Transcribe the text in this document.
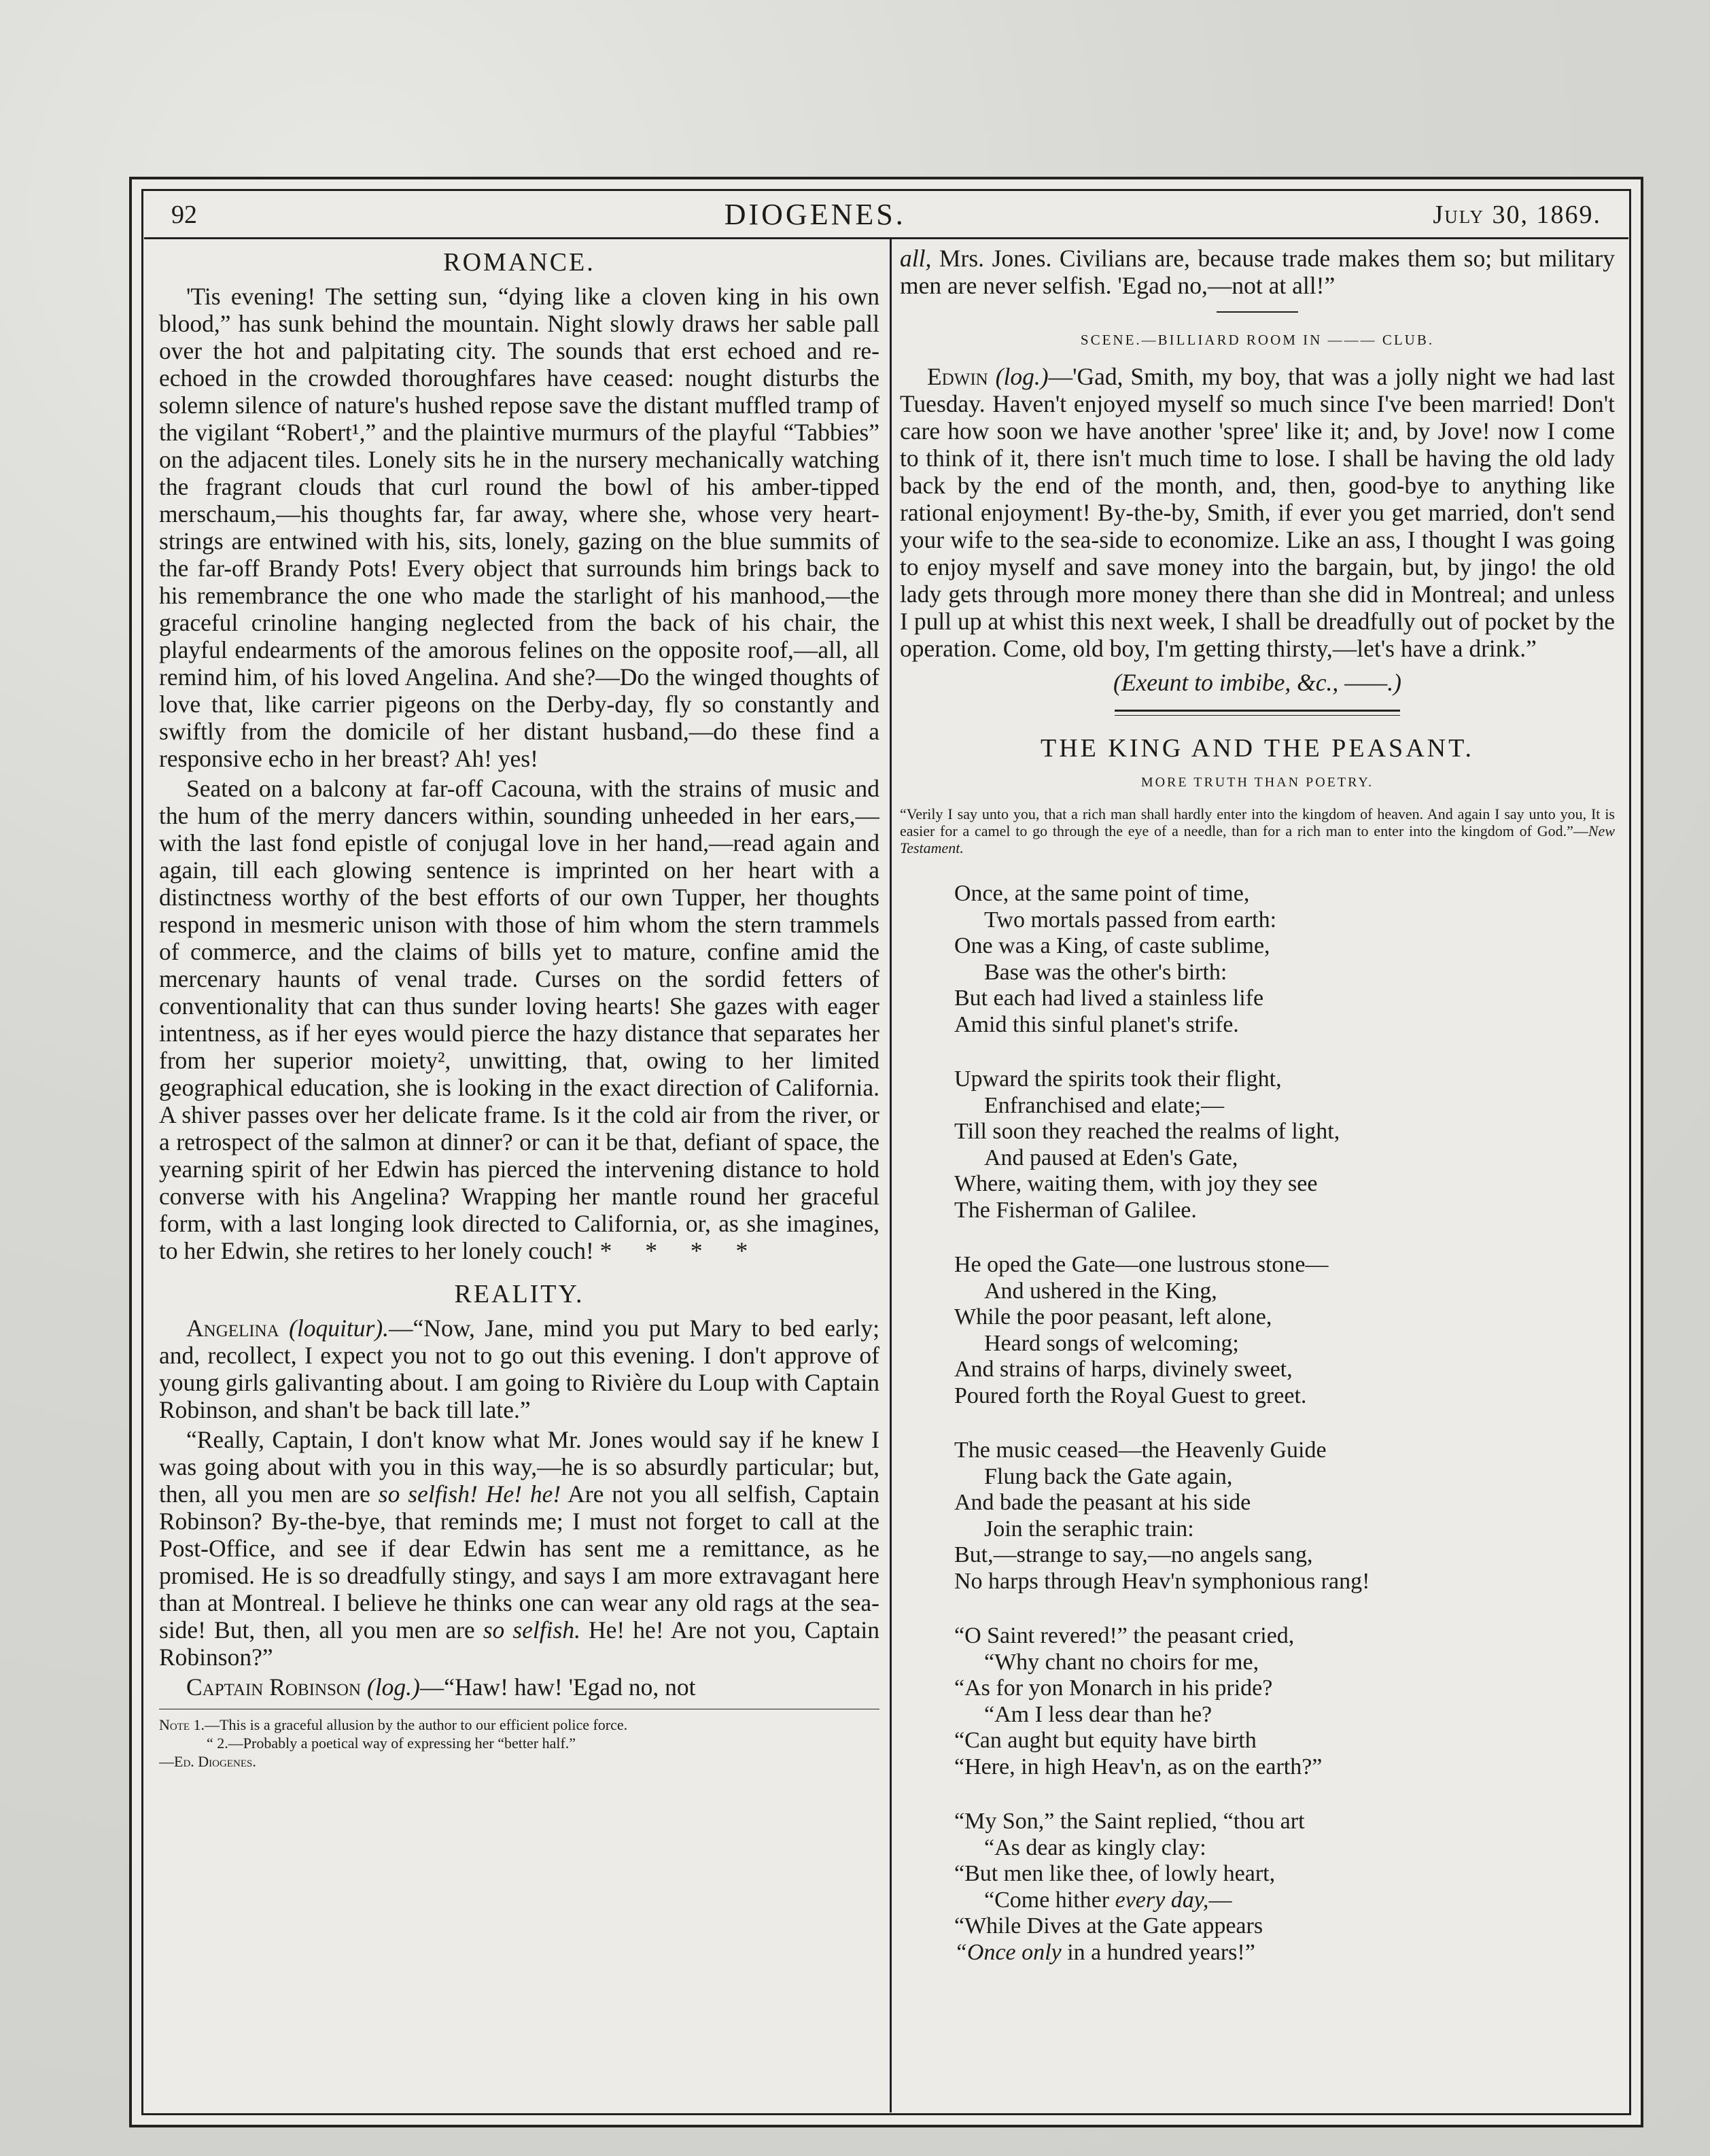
92	DIOGENES.	July 30, 1869.
ROMANCE.

'Tis evening! The setting sun, “dying like a cloven king in his own blood,” has sunk behind the mountain. Night slowly draws her sable pall over the hot and palpitating city. The sounds that erst echoed and re-echoed in the crowded thoroughfares have ceased: nought disturbs the solemn silence of nature's hushed repose save the distant muffled tramp of the vigilant “Robert¹,” and the plaintive murmurs of the playful “Tabbies” on the adjacent tiles. Lonely sits he in the nursery mechanically watching the fragrant clouds that curl round the bowl of his amber-tipped merschaum,—his thoughts far, far away, where she, whose very heart-strings are entwined with his, sits, lonely, gazing on the blue summits of the far-off Brandy Pots! Every object that surrounds him brings back to his remembrance the one who made the starlight of his manhood,—the graceful crinoline hanging neglected from the back of his chair, the playful endearments of the amorous felines on the opposite roof,—all, all remind him, of his loved Angelina. And she?—Do the winged thoughts of love that, like carrier pigeons on the Derby-day, fly so constantly and swiftly from the domicile of her distant husband,—do these find a responsive echo in her breast? Ah! yes!

Seated on a balcony at far-off Cacouna, with the strains of music and the hum of the merry dancers within, sounding unheeded in her ears,—with the last fond epistle of conjugal love in her hand,—read again and again, till each glowing sentence is imprinted on her heart with a distinctness worthy of the best efforts of our own Tupper, her thoughts respond in mesmeric unison with those of him whom the stern trammels of commerce, and the claims of bills yet to mature, confine amid the mercenary haunts of venal trade. Curses on the sordid fetters of conventionality that can thus sunder loving hearts! She gazes with eager intentness, as if her eyes would pierce the hazy distance that separates her from her superior moiety², unwitting, that, owing to her limited geographical education, she is looking in the exact direction of California. A shiver passes over her delicate frame. Is it the cold air from the river, or a retrospect of the salmon at dinner? or can it be that, defiant of space, the yearning spirit of her Edwin has pierced the intervening distance to hold converse with his Angelina? Wrapping her mantle round her graceful form, with a last longing look directed to California, or, as she imagines, to her Edwin, she retires to her lonely couch! * * * *

REALITY.

Angelina (loquitur).—“Now, Jane, mind you put Mary to bed early; and, recollect, I expect you not to go out this evening. I don't approve of young girls galivanting about. I am going to Rivière du Loup with Captain Robinson, and shan't be back till late.”

“Really, Captain, I don't know what Mr. Jones would say if he knew I was going about with you in this way,—he is so absurdly particular; but, then, all you men are so selfish! He! he! Are not you all selfish, Captain Robinson? By-the-bye, that reminds me; I must not forget to call at the Post-Office, and see if dear Edwin has sent me a remittance, as he promised. He is so dreadfully stingy, and says I am more extravagant here than at Montreal. I believe he thinks one can wear any old rags at the sea-side! But, then, all you men are so selfish. He! he! Are not you, Captain Robinson?”

Captain Robinson (log.)—“Haw! haw! 'Egad no, not

Note 1.—This is a graceful allusion by the author to our efficient police force.
“ 2.—Probably a poetical way of expressing her “better half.”
—Ed. Diogenes.

all, Mrs. Jones. Civilians are, because trade makes them so; but military men are never selfish. 'Egad no,—not at all!”

SCENE.—BILLIARD ROOM IN ——— CLUB.

Edwin (log.)—'Gad, Smith, my boy, that was a jolly night we had last Tuesday. Haven't enjoyed myself so much since I've been married! Don't care how soon we have another 'spree' like it; and, by Jove! now I come to think of it, there isn't much time to lose. I shall be having the old lady back by the end of the month, and, then, good-bye to anything like rational enjoyment! By-the-by, Smith, if ever you get married, don't send your wife to the sea-side to economize. Like an ass, I thought I was going to enjoy myself and save money into the bargain, but, by jingo! the old lady gets through more money there than she did in Montreal; and unless I pull up at whist this next week, I shall be dreadfully out of pocket by the operation. Come, old boy, I'm getting thirsty,—let's have a drink.”

(Exeunt to imbibe, &c., ——.)
THE KING AND THE PEASANT.
MORE TRUTH THAN POETRY.
“Verily I say unto you, that a rich man shall hardly enter into the kingdom of heaven. And again I say unto you, It is easier for a camel to go through the eye of a needle, than for a rich man to enter into the kingdom of God.”—New Testament.
Once, at the same point of time,
Two mortals passed from earth:
One was a King, of caste sublime,
Base was the other's birth:
But each had lived a stainless life
Amid this sinful planet's strife.
Upward the spirits took their flight,
Enfranchised and elate;—
Till soon they reached the realms of light,
And paused at Eden's Gate,
Where, waiting them, with joy they see
The Fisherman of Galilee.
He oped the Gate—one lustrous stone—
And ushered in the King,
While the poor peasant, left alone,
Heard songs of welcoming;
And strains of harps, divinely sweet,
Poured forth the Royal Guest to greet.
The music ceased—the Heavenly Guide
Flung back the Gate again,
And bade the peasant at his side
Join the seraphic train:
But,—strange to say,—no angels sang,
No harps through Heav'n symphonious rang!
“O Saint revered!” the peasant cried,
“Why chant no choirs for me,
“As for yon Monarch in his pride?
“Am I less dear than he?
“Can aught but equity have birth
“Here, in high Heav'n, as on the earth?”
“My Son,” the Saint replied, “thou art
“As dear as kingly clay:
“But men like thee, of lowly heart,
“Come hither every day,—
“While Dives at the Gate appears
“Once only in a hundred years!”
